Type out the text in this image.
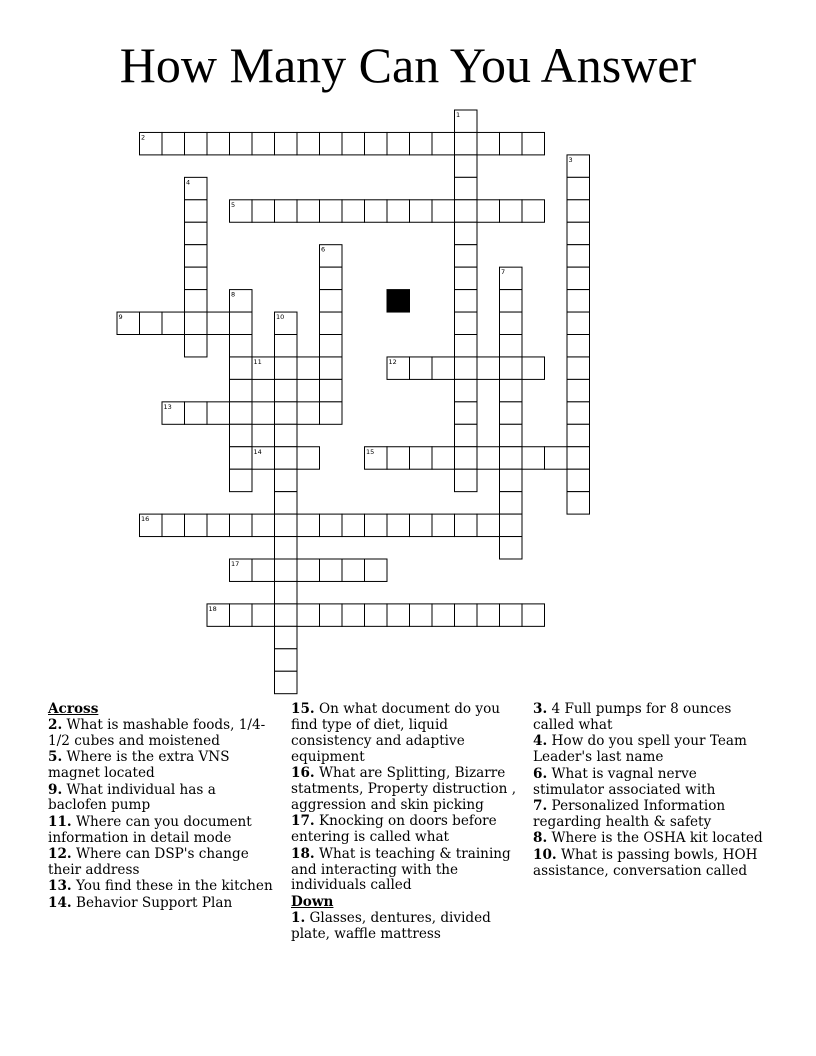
How Many Can You Answer
1
2
3
4
5
6
7
8
9	10
11	12
13
14	15
16
17
18

Across

2. What is mashable foods, 1/4-1/2 cubes and moistened

5. Where is the extra VNS magnet located

9. What individual has a baclofen pump

11. Where can you document information in detail mode

12. Where can DSP's change their address

13. You find these in the kitchen

14. Behavior Support Plan

15. On what document do you find type of diet, liquid consistency and adaptive equipment

16. What are Splitting, Bizarre statments, Property distruction , aggression and skin picking

17. Knocking on doors before entering is called what

18. What is teaching & training and interacting with the individuals called

Down

1. Glasses, dentures, divided plate, waffle mattress

3. 4 Full pumps for 8 ounces called what

4. How do you spell your Team Leader's last name

6. What is vagnal nerve stimulator associated with

7. Personalized Information regarding health & safety

8. Where is the OSHA kit located

10. What is passing bowls, HOH assistance, conversation called
